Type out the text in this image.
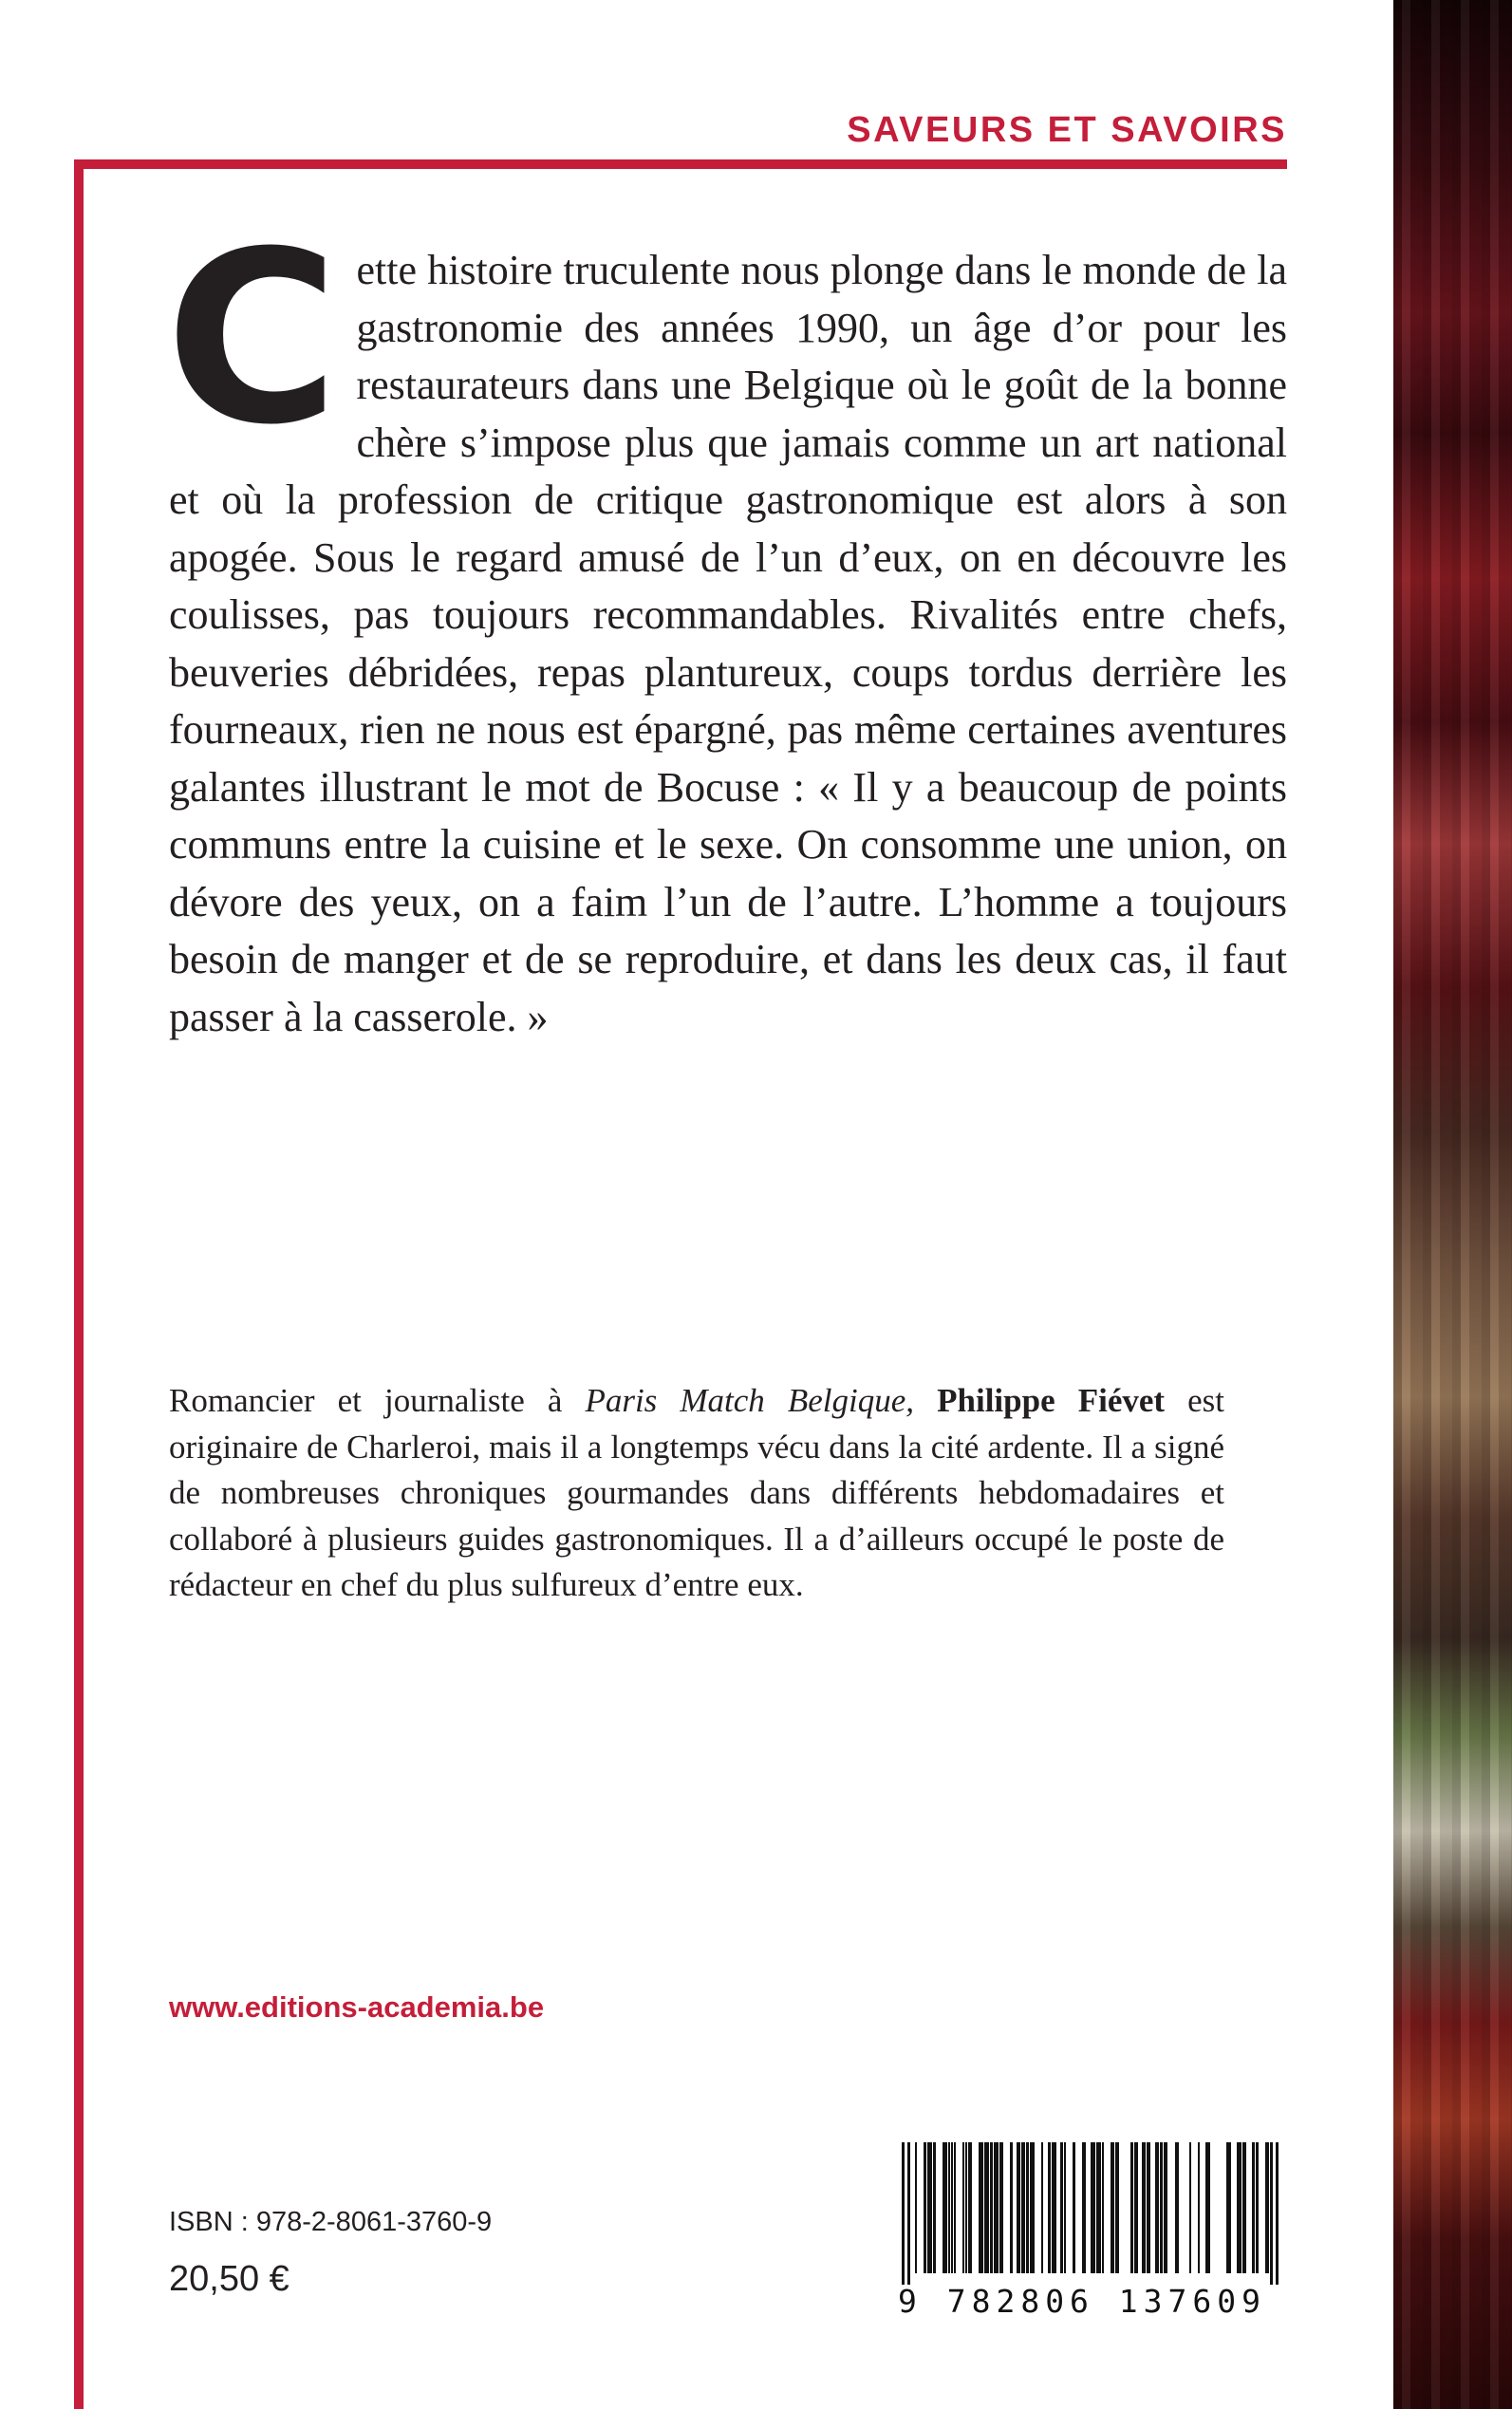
SAVEURS ET SAVOIRS

Cette histoire truculente nous plonge dans le monde de la gastronomie des années 1990, un âge d’or pour les restaurateurs dans une Belgique où le goût de la bonne chère s’impose plus que jamais comme un art national et où la profession de critique gastronomique est alors à son apogée. Sous le regard amusé de l’un d’eux, on en découvre les coulisses, pas toujours recommandables. Rivalités entre chefs, beuveries débridées, repas plantureux, coups tordus derrière les fourneaux, rien ne nous est épargné, pas même certaines aventures galantes illustrant le mot de Bocuse : « Il y a beaucoup de points communs entre la cuisine et le sexe. On consomme une union, on dévore des yeux, on a faim l’un de l’autre. L’homme a toujours besoin de manger et de se reproduire, et dans les deux cas, il faut passer à la casserole. »

Romancier et journaliste à Paris Match Belgique, Philippe Fiévet est originaire de Charleroi, mais il a longtemps vécu dans la cité ardente. Il a signé de nombreuses chroniques gourmandes dans différents hebdomadaires et collaboré à plusieurs guides gastronomiques. Il a d’ailleurs occupé le poste de rédacteur en chef du plus sulfureux d’entre eux.

www.editions-academia.be

ISBN : 978-2-8061-3760-9

20,50 €

9 782806 137609
